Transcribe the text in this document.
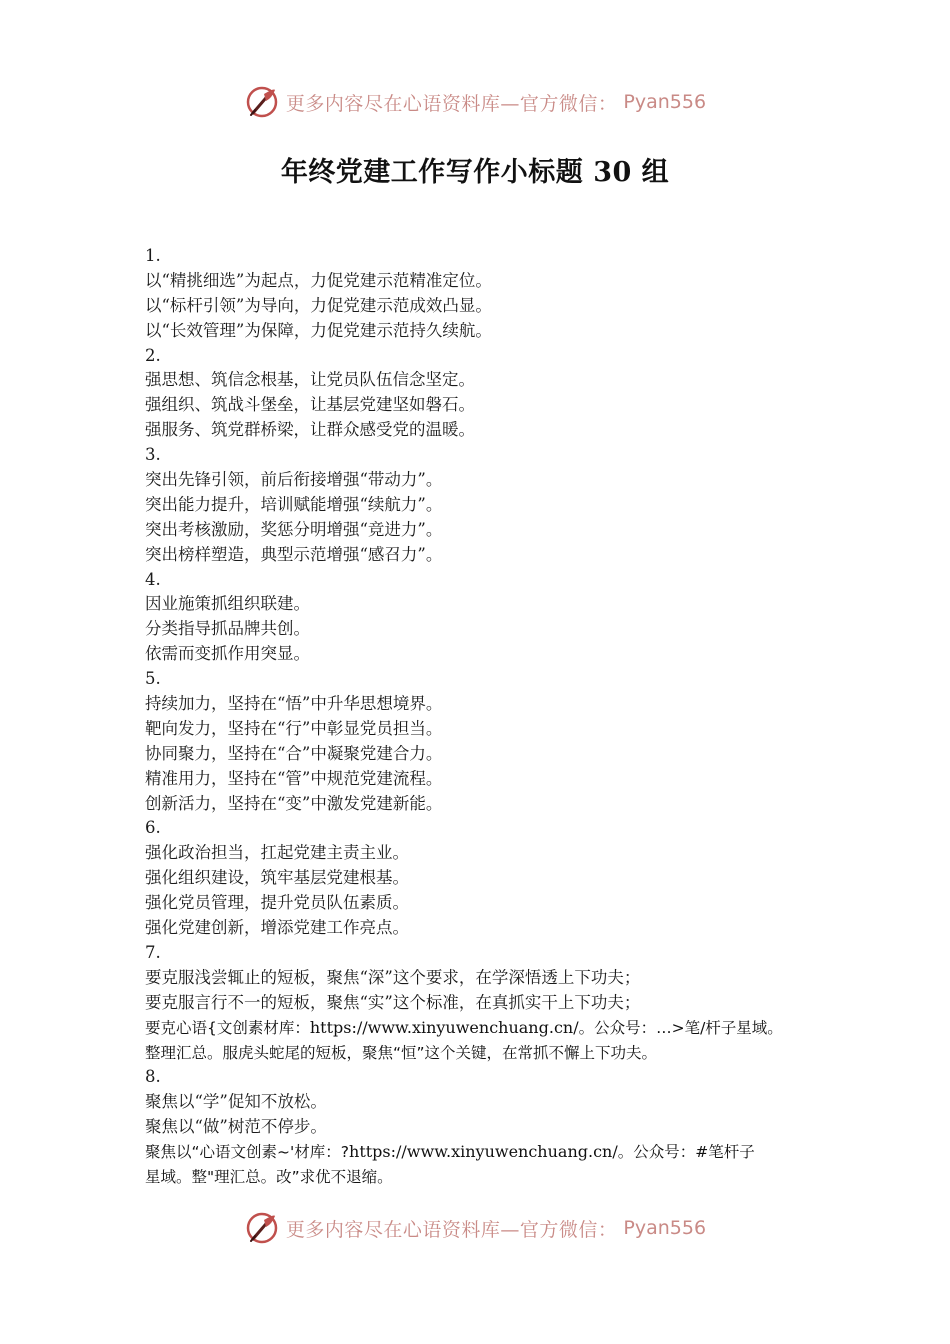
更多内容尽在心语资料库—官方微信： Pyan556
年终党建工作写作小标题 30 组
1.
以“精挑细选”为起点，力促党建示范精准定位。
以“标杆引领”为导向，力促党建示范成效凸显。
以“长效管理”为保障，力促党建示范持久续航。
2.
强思想、筑信念根基，让党员队伍信念坚定。
强组织、筑战斗堡垒，让基层党建坚如磐石。
强服务、筑党群桥梁，让群众感受党的温暖。
3.
突出先锋引领，前后衔接增强“带动力”。
突出能力提升，培训赋能增强“续航力”。
突出考核激励，奖惩分明增强“竞进力”。
突出榜样塑造，典型示范增强“感召力”。
4.
因业施策抓组织联建。
分类指导抓品牌共创。
依需而变抓作用突显。
5.
持续加力，坚持在“悟”中升华思想境界。
靶向发力，坚持在“行”中彰显党员担当。
协同聚力，坚持在“合”中凝聚党建合力。
精准用力，坚持在“管”中规范党建流程。
创新活力，坚持在“变”中激发党建新能。
6.
强化政治担当，扛起党建主责主业。
强化组织建设，筑牢基层党建根基。
强化党员管理，提升党员队伍素质。
强化党建创新，增添党建工作亮点。
7.
要克服浅尝辄止的短板，聚焦“深”这个要求，在学深悟透上下功夫；
要克服言行不一的短板，聚焦“实”这个标准，在真抓实干上下功夫；
要克心语{文创素材库：https://www.xinyuwenchuang.cn/。公众号：…>笔/杆子星域。
整理汇总。服虎头蛇尾的短板，聚焦“恒”这个关键，在常抓不懈上下功夫。
8.
聚焦以“学”促知不放松。
聚焦以“做”树范不停步。
聚焦以“心语文创素~'材库：?https://www.xinyuwenchuang.cn/。公众号：#笔杆子
星域。整"理汇总。改”求优不退缩。
更多内容尽在心语资料库—官方微信： Pyan556
